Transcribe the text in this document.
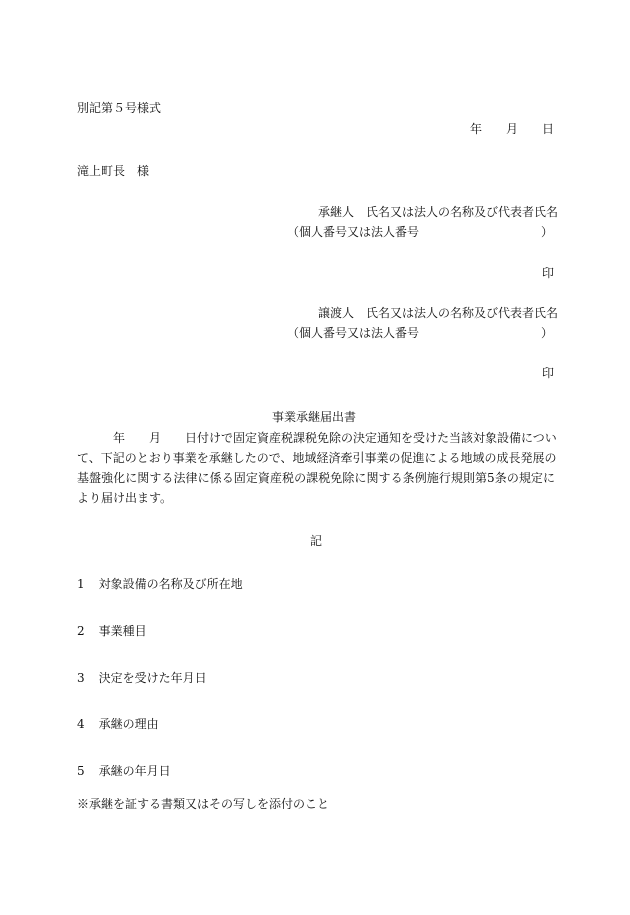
別記第５号様式
年 月 日
滝上町長　様
承継人 氏名又は法人の名称及び代表者氏名
（個人番号又は法人番号	）
印
譲渡人 氏名又は法人の名称及び代表者氏名
（個人番号又は法人番号	）
印
事業承継届出書
年 月 日付けで固定資産税課税免除の決定通知を受けた当該対象設備につい
て、下記のとおり事業を承継したので、地域経済牽引事業の促進による地域の成長発展の
基盤強化に関する法律に係る固定資産税の課税免除に関する条例施行規則第5条の規定に
より届け出ます。
記
1 対象設備の名称及び所在地
2 事業種目
3 決定を受けた年月日
4 承継の理由
5 承継の年月日
※承継を証する書類又はその写しを添付のこと
